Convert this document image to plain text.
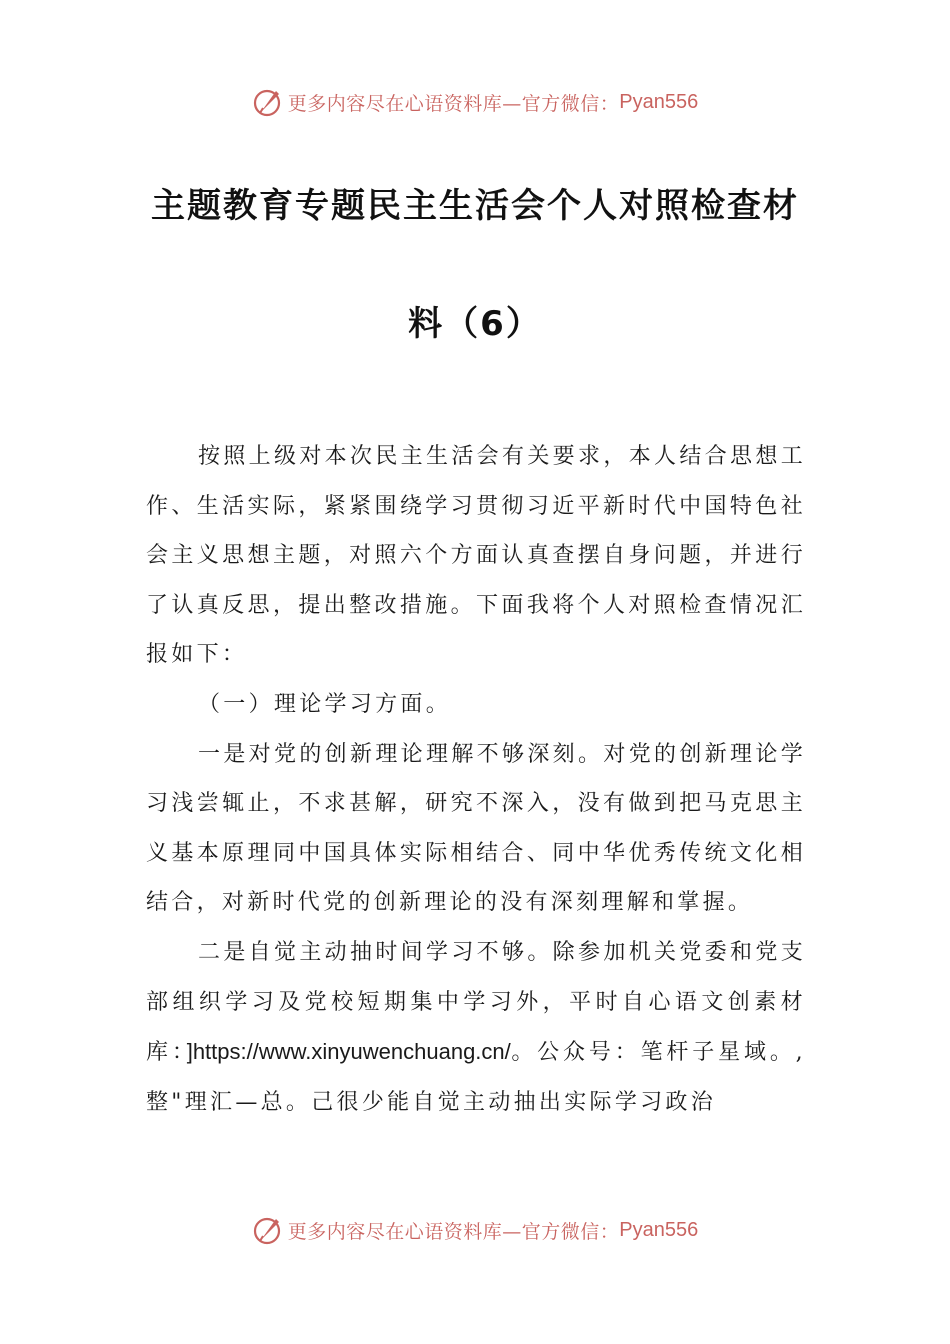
更多内容尽在心语资料库—官方微信： Pyan556
主题教育专题民主生活会个人对照检查材
料（6）

按照上级对本次民主生活会有关要求，本人结合思想工作、生活实际，紧紧围绕学习贯彻习近平新时代中国特色社会主义思想主题，对照六个方面认真查摆自身问题，并进行了认真反思，提出整改措施。下面我将个人对照检查情况汇报如下：

（一）理论学习方面。

一是对党的创新理论理解不够深刻。对党的创新理论学习浅尝辄止，不求甚解，研究不深入，没有做到把马克思主义基本原理同中国具体实际相结合、同中华优秀传统文化相结合，对新时代党的创新理论的没有深刻理解和掌握。

二是自觉主动抽时间学习不够。除参加机关党委和党支部组织学习及党校短期集中学习外，平时自心语文创素材库：]https://www.xinyuwenchuang.cn/。公众号：笔杆子星域。,整"理汇—总。己很少能自觉主动抽出实际学习政治

更多内容尽在心语资料库—官方微信： Pyan556
